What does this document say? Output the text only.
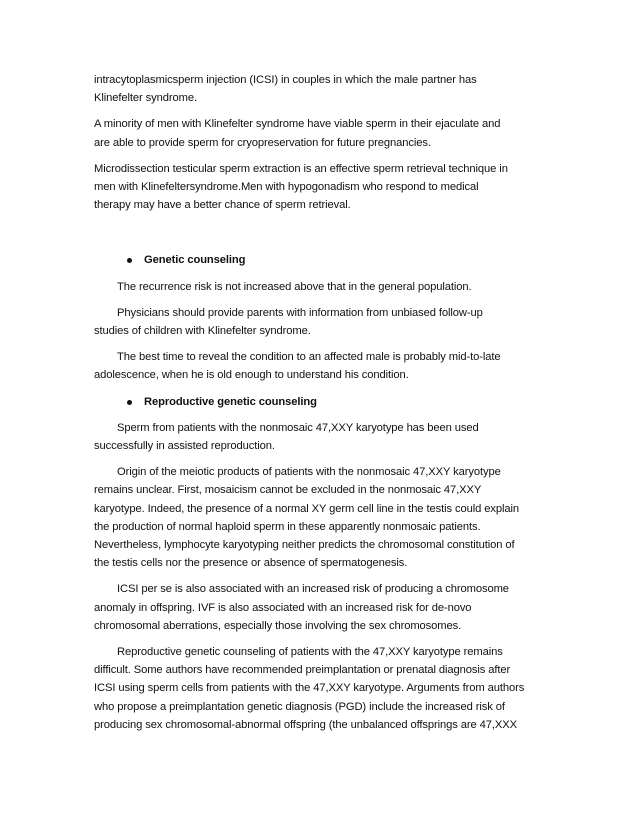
intracytoplasmicsperm injection (ICSI) in couples in which the male partner has
Klinefelter syndrome.
A minority of men with Klinefelter syndrome have viable sperm in their ejaculate and
are able to provide sperm for cryopreservation for future pregnancies.
Microdissection testicular sperm extraction is an effective sperm retrieval technique in
men with Klinefeltersyndrome.Men with hypogonadism who respond to medical
therapy may have a better chance of sperm retrieval.
Genetic counseling
The recurrence risk is not increased above that in the general population.
Physicians should provide parents with information from unbiased follow-up
studies of children with Klinefelter syndrome.
The best time to reveal the condition to an affected male is probably mid-to-late
adolescence, when he is old enough to understand his condition.
Reproductive genetic counseling
Sperm from patients with the nonmosaic 47,XXY karyotype has been used
successfully in assisted reproduction.
Origin of the meiotic products of patients with the nonmosaic 47,XXY karyotype
remains unclear. First, mosaicism cannot be excluded in the nonmosaic 47,XXY
karyotype. Indeed, the presence of a normal XY germ cell line in the testis could explain
the production of normal haploid sperm in these apparently nonmosaic patients.
Nevertheless, lymphocyte karyotyping neither predicts the chromosomal constitution of
the testis cells nor the presence or absence of spermatogenesis.
ICSI per se is also associated with an increased risk of producing a chromosome
anomaly in offspring. IVF is also associated with an increased risk for de-novo
chromosomal aberrations, especially those involving the sex chromosomes.
Reproductive genetic counseling of patients with the 47,XXY karyotype remains
difficult. Some authors have recommended preimplantation or prenatal diagnosis after
ICSI using sperm cells from patients with the 47,XXY karyotype. Arguments from authors
who propose a preimplantation genetic diagnosis (PGD) include the increased risk of
producing sex chromosomal-abnormal offspring (the unbalanced offsprings are 47,XXX
